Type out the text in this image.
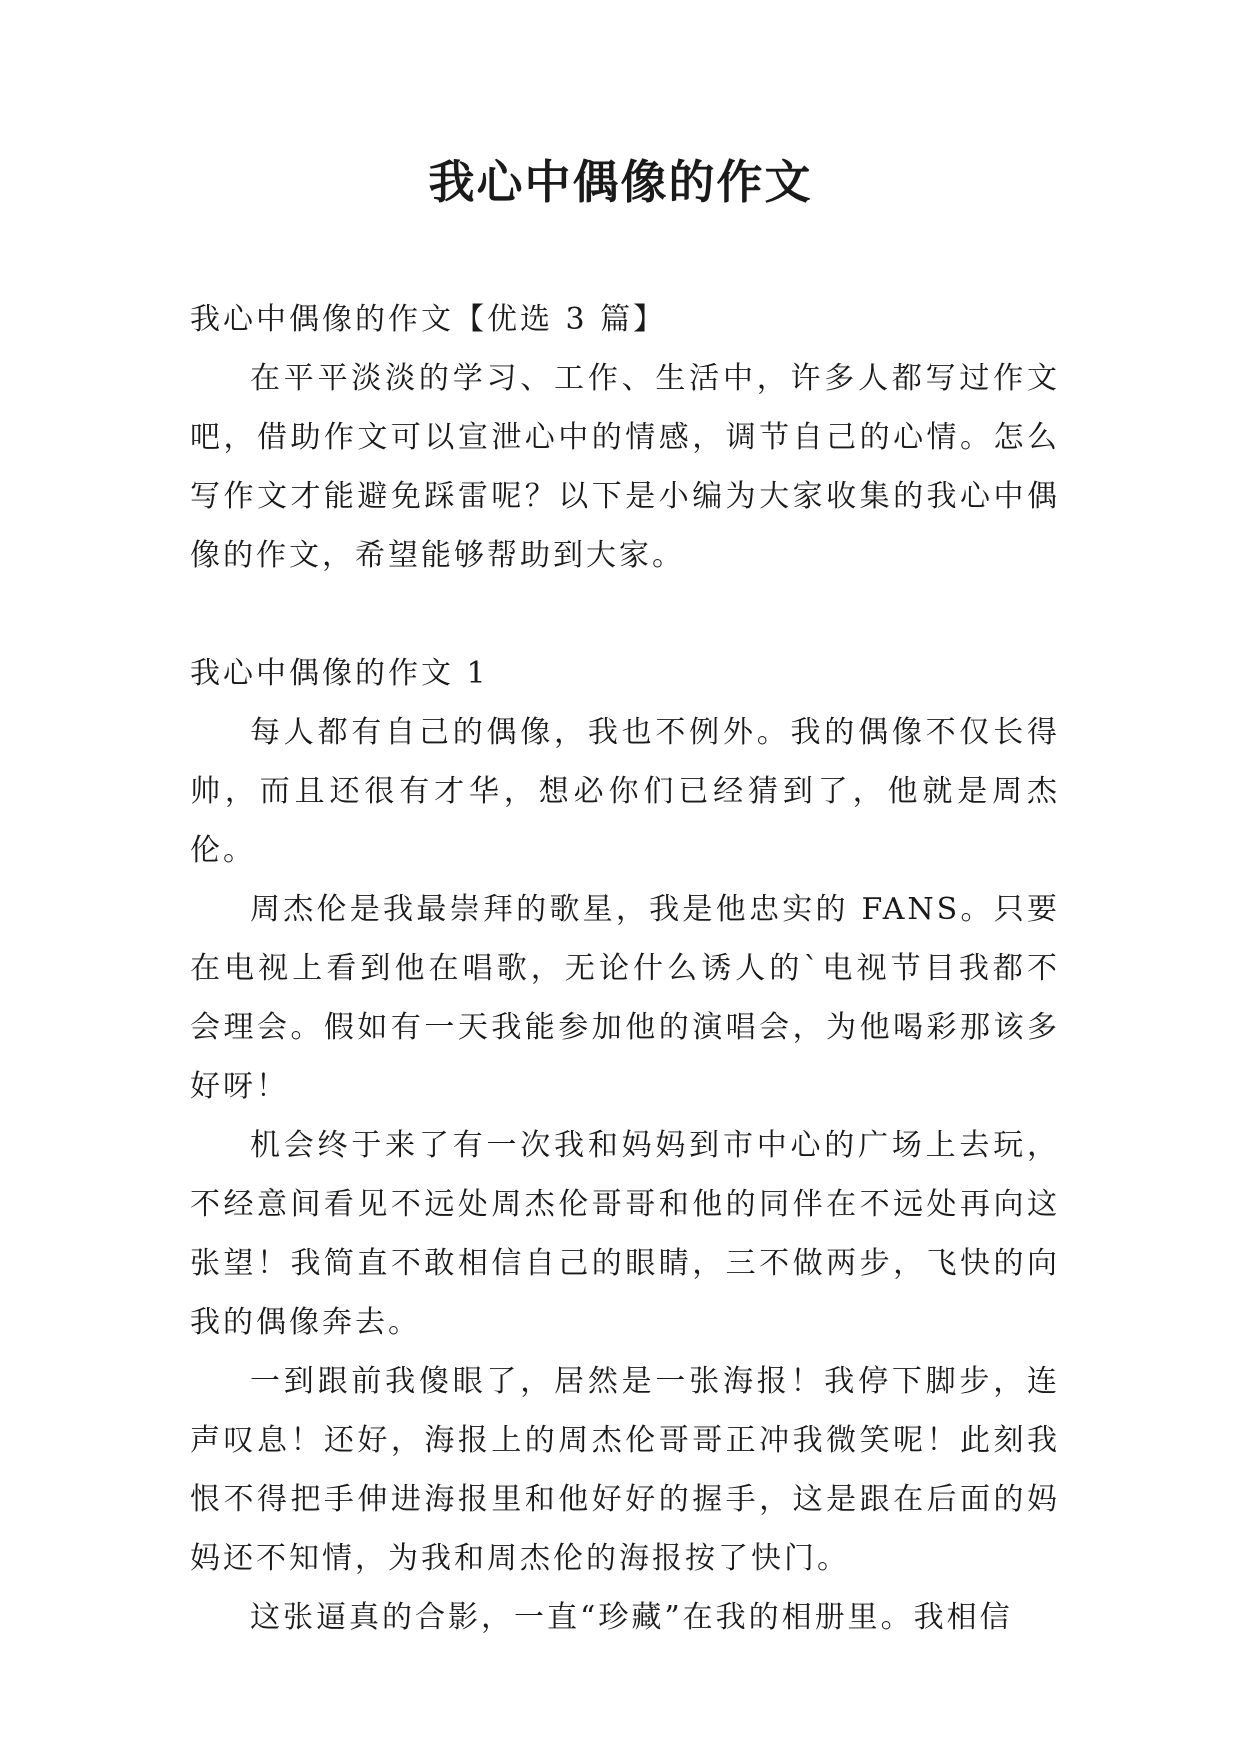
我心中偶像的作文

我心中偶像的作文【优选 3 篇】

在平平淡淡的学习、工作、生活中，许多人都写过作文吧，借助作文可以宣泄心中的情感，调节自己的心情。怎么写作文才能避免踩雷呢？以下是小编为大家收集的我心中偶像的作文，希望能够帮助到大家。

我心中偶像的作文 1

每人都有自己的偶像，我也不例外。我的偶像不仅长得帅，而且还很有才华，想必你们已经猜到了，他就是周杰伦。

周杰伦是我最崇拜的歌星，我是他忠实的 FANS。只要在电视上看到他在唱歌，无论什么诱人的`电视节目我都不会理会。假如有一天我能参加他的演唱会，为他喝彩那该多好呀！

机会终于来了有一次我和妈妈到市中心的广场上去玩，不经意间看见不远处周杰伦哥哥和他的同伴在不远处再向这张望！我简直不敢相信自己的眼睛，三不做两步，飞快的向我的偶像奔去。

一到跟前我傻眼了，居然是一张海报！我停下脚步，连声叹息！还好，海报上的周杰伦哥哥正冲我微笑呢！此刻我恨不得把手伸进海报里和他好好的握手，这是跟在后面的妈妈还不知情，为我和周杰伦的海报按了快门。

这张逼真的合影，一直“珍藏”在我的相册里。我相信
